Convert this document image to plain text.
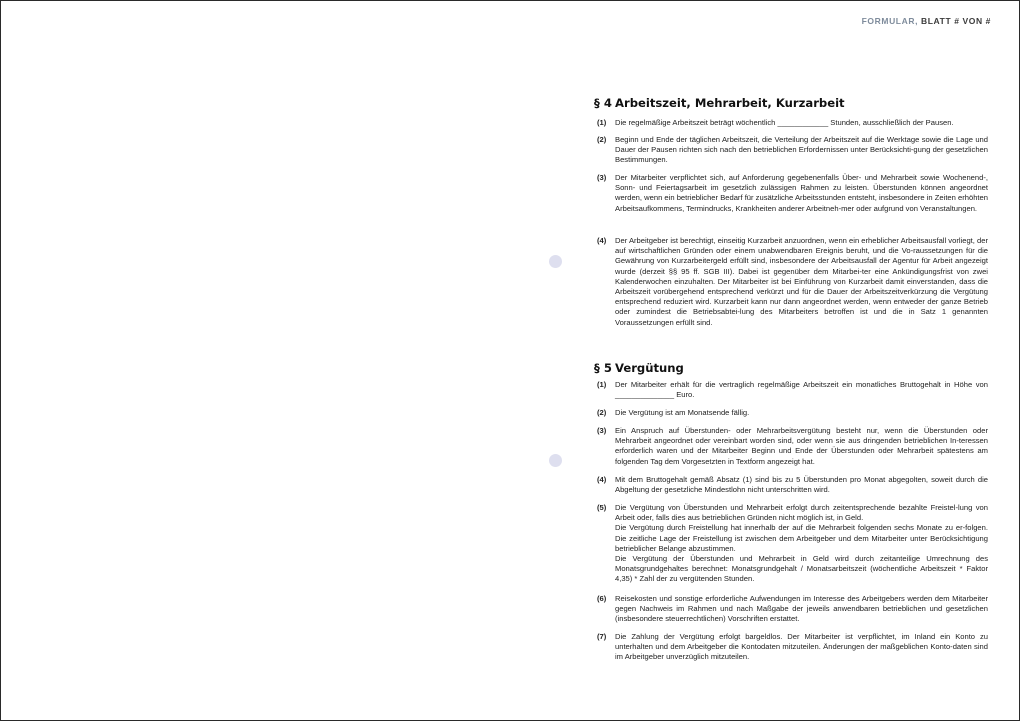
FORMULAR, BLATT # VON #
§ 4 Arbeitszeit, Mehrarbeit, Kurzarbeit
(1) Die regelmäßige Arbeitszeit beträgt wöchentlich ____________ Stunden, ausschließlich der Pausen.
(2) Beginn und Ende der täglichen Arbeitszeit, die Verteilung der Arbeitszeit auf die Werktage sowie die Lage und Dauer der Pausen richten sich nach den betrieblichen Erfordernissen unter Berücksichti-gung der gesetzlichen Bestimmungen.
(3) Der Mitarbeiter verpflichtet sich, auf Anforderung gegebenenfalls Über- und Mehrarbeit sowie Wochenend-, Sonn- und Feiertagsarbeit im gesetzlich zulässigen Rahmen zu leisten. Überstunden können angeordnet werden, wenn ein betrieblicher Bedarf für zusätzliche Arbeitsstunden entsteht, insbesondere in Zeiten erhöhten Arbeitsaufkommens, Termindrucks, Krankheiten anderer Arbeitneh-mer oder aufgrund von Veranstaltungen.
(4) Der Arbeitgeber ist berechtigt, einseitig Kurzarbeit anzuordnen, wenn ein erheblicher Arbeitsausfall vorliegt, der auf wirtschaftlichen Gründen oder einem unabwendbaren Ereignis beruht, und die Vo-raussetzungen für die Gewährung von Kurzarbeitergeld erfüllt sind, insbesondere der Arbeitsausfall der Agentur für Arbeit angezeigt wurde (derzeit §§ 95 ff. SGB III). Dabei ist gegenüber dem Mitarbei-ter eine Ankündigungsfrist von zwei Kalenderwochen einzuhalten. Der Mitarbeiter ist bei Einführung von Kurzarbeit damit einverstanden, dass die Arbeitszeit vorübergehend entsprechend verkürzt und für die Dauer der Arbeitszeitverkürzung die Vergütung entsprechend reduziert wird. Kurzarbeit kann nur dann angeordnet werden, wenn entweder der ganze Betrieb oder zumindest die Betriebsabtei-lung des Mitarbeiters betroffen ist und die in Satz 1 genannten Voraussetzungen erfüllt sind.
§ 5 Vergütung
(1) Der Mitarbeiter erhält für die vertraglich regelmäßige Arbeitszeit ein monatliches Bruttogehalt in Höhe von ______________ Euro.
(2) Die Vergütung ist am Monatsende fällig.
(3) Ein Anspruch auf Überstunden- oder Mehrarbeitsvergütung besteht nur, wenn die Überstunden oder Mehrarbeit angeordnet oder vereinbart worden sind, oder wenn sie aus dringenden betrieblichen In-teressen erforderlich waren und der Mitarbeiter Beginn und Ende der Überstunden oder Mehrarbeit spätestens am folgenden Tag dem Vorgesetzten in Textform angezeigt hat.
(4) Mit dem Bruttogehalt gemäß Absatz (1) sind bis zu 5 Überstunden pro Monat abgegolten, soweit durch die Abgeltung der gesetzliche Mindestlohn nicht unterschritten wird.
(5) Die Vergütung von Überstunden und Mehrarbeit erfolgt durch zeitentsprechende bezahlte Freistel-lung von Arbeit oder, falls dies aus betrieblichen Gründen nicht möglich ist, in Geld.
Die Vergütung durch Freistellung hat innerhalb der auf die Mehrarbeit folgenden sechs Monate zu er-folgen. Die zeitliche Lage der Freistellung ist zwischen dem Arbeitgeber und dem Mitarbeiter unter Berücksichtigung betrieblicher Belange abzustimmen.
Die Vergütung der Überstunden und Mehrarbeit in Geld wird durch zeitanteilige Umrechnung des Monatsgrundgehaltes berechnet: Monatsgrundgehalt / Monatsarbeitszeit (wöchentliche Arbeitszeit * Faktor 4,35) * Zahl der zu vergütenden Stunden.
(6) Reisekosten und sonstige erforderliche Aufwendungen im Interesse des Arbeitgebers werden dem Mitarbeiter gegen Nachweis im Rahmen und nach Maßgabe der jeweils anwendbaren betrieblichen und gesetzlichen (insbesondere steuerrechtlichen) Vorschriften erstattet.
(7) Die Zahlung der Vergütung erfolgt bargeldlos. Der Mitarbeiter ist verpflichtet, im Inland ein Konto zu unterhalten und dem Arbeitgeber die Kontodaten mitzuteilen. Änderungen der maßgeblichen Konto-daten sind im Arbeitgeber unverzüglich mitzuteilen.
